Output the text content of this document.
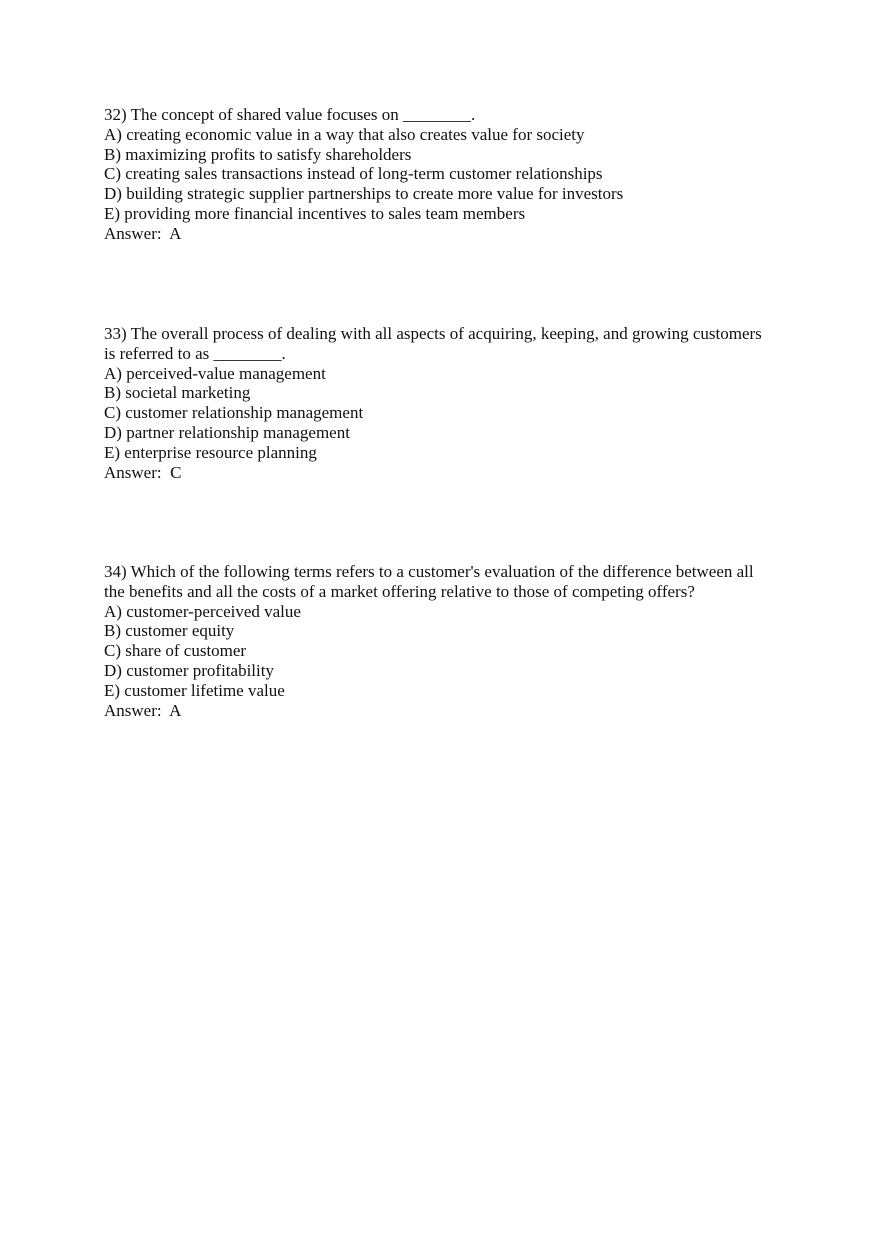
32) The concept of shared value focuses on ________.
A) creating economic value in a way that also creates value for society
B) maximizing profits to satisfy shareholders
C) creating sales transactions instead of long-term customer relationships
D) building strategic supplier partnerships to create more value for investors
E) providing more financial incentives to sales team members
Answer:  A
33) The overall process of dealing with all aspects of acquiring, keeping, and growing customers
is referred to as ________.
A) perceived-value management
B) societal marketing
C) customer relationship management
D) partner relationship management
E) enterprise resource planning
Answer:  C
34) Which of the following terms refers to a customer's evaluation of the difference between all
the benefits and all the costs of a market offering relative to those of competing offers?
A) customer-perceived value
B) customer equity
C) share of customer
D) customer profitability
E) customer lifetime value
Answer:  A
